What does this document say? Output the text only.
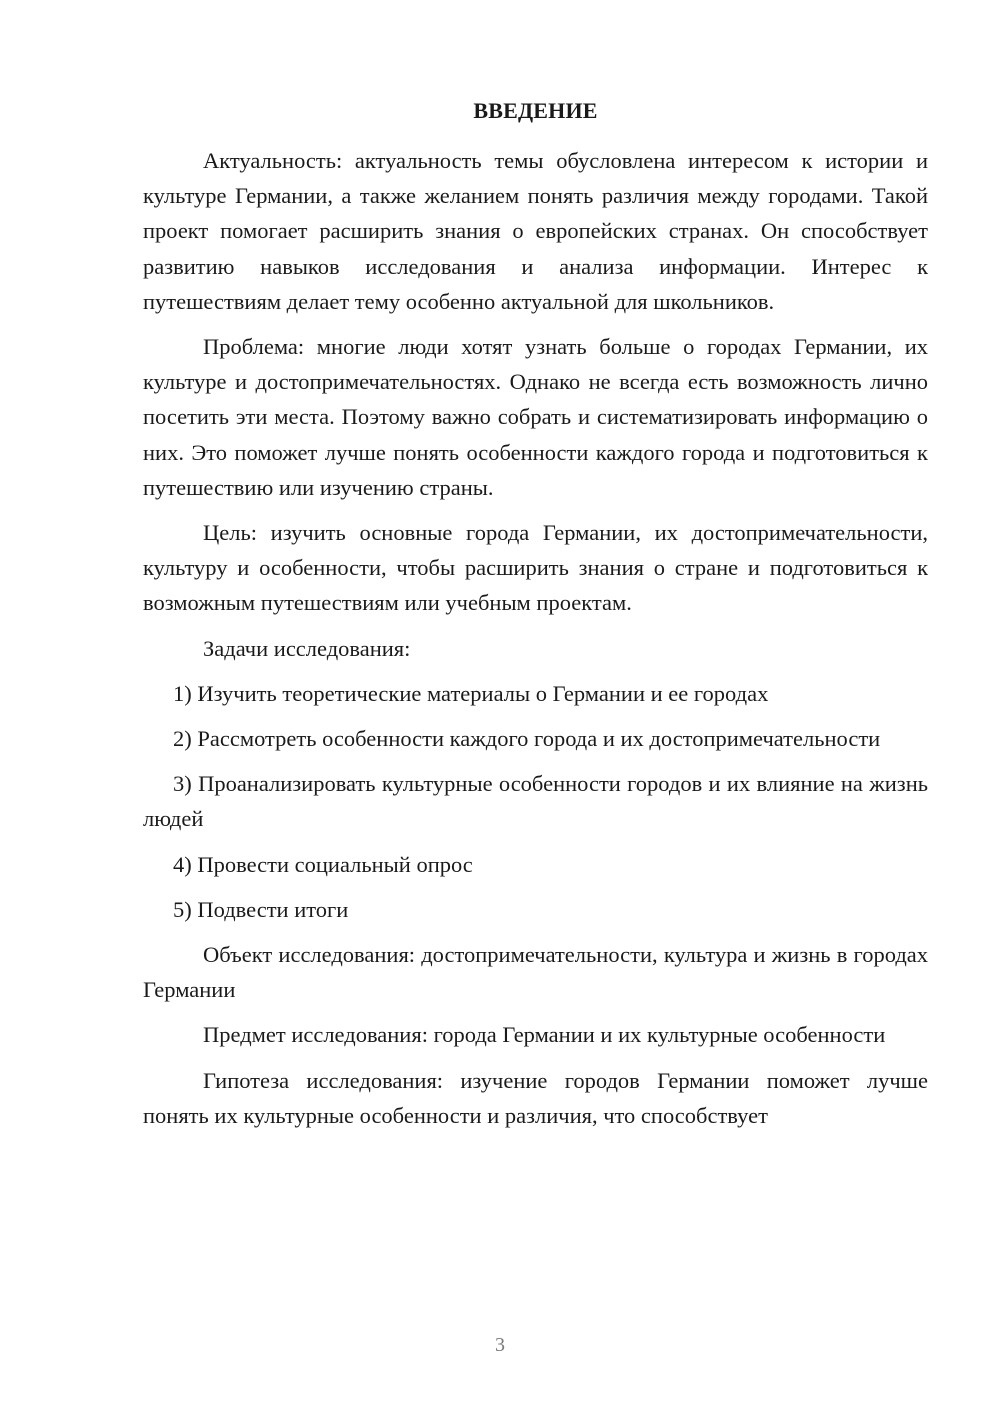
ВВЕДЕНИЕ

Актуальность: актуальность темы обусловлена интересом к истории и культуре Германии, а также желанием понять различия между городами. Такой проект помогает расширить знания о европейских странах. Он способствует развитию навыков исследования и анализа информации. Интерес к путешествиям делает тему особенно актуальной для школьников.

Проблема: многие люди хотят узнать больше о городах Германии, их культуре и достопримечательностях. Однако не всегда есть возможность лично посетить эти места. Поэтому важно собрать и систематизировать информацию о них. Это поможет лучше понять особенности каждого города и подготовиться к путешествию или изучению страны.

Цель: изучить основные города Германии, их достопримечательности, культуру и особенности, чтобы расширить знания о стране и подготовиться к возможным путешествиям или учебным проектам.

Задачи исследования:

1) Изучить теоретические материалы о Германии и ее городах

2) Рассмотреть особенности каждого города и их достопримечательности

3) Проанализировать культурные особенности городов и их влияние на жизнь людей

4) Провести социальный опрос

5) Подвести итоги

Объект исследования: достопримечательности, культура и жизнь в городах Германии

Предмет исследования: города Германии и их культурные особенности

Гипотеза исследования: изучение городов Германии поможет лучше понять их культурные особенности и различия, что способствует

3
